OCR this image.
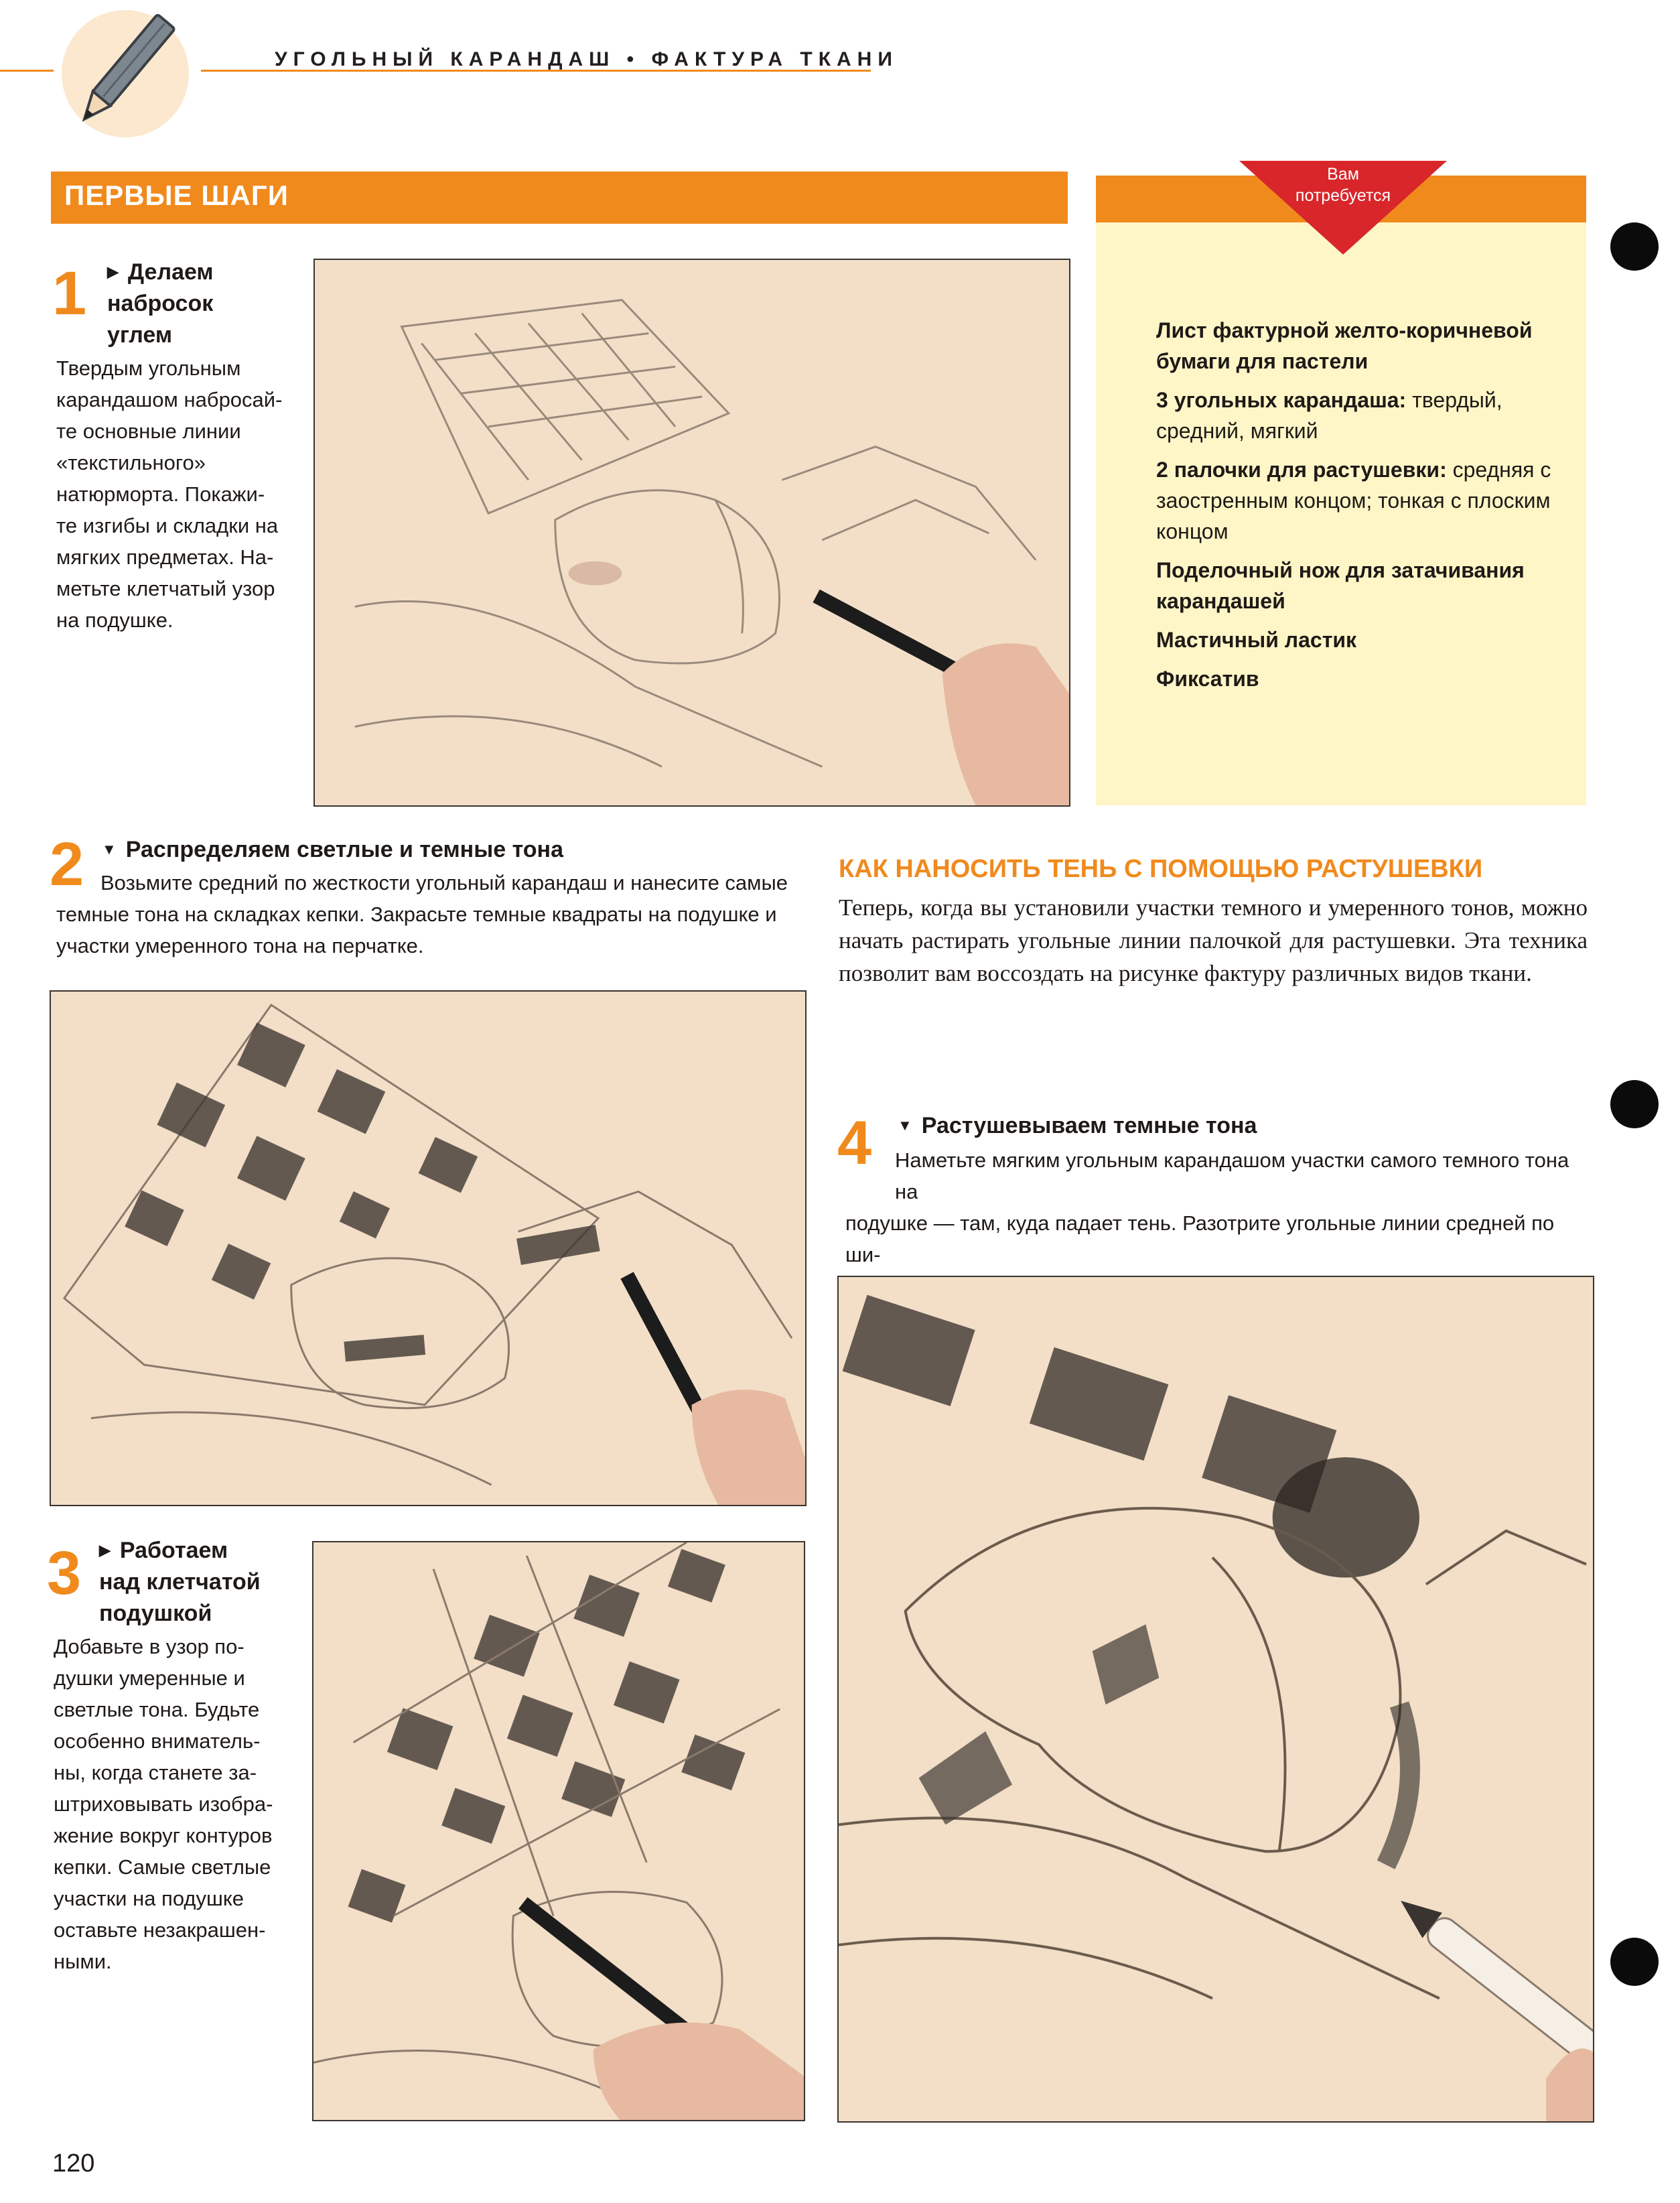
УГОЛЬНЫЙ КАРАНДАШ • ФАКТУРА ТКАНИ
ПЕРВЫЕ ШАГИ
1 ▶ Делаем
набросок
углем
Твердым угольным
карандашом набросай-
те основные линии
«текстильного»
натюрморта. Покажи-
те изгибы и складки на
мягких предметах. На-
метьте клетчатый узор
на подушке.
Вам
потребуется
Лист фактурной желто-коричневой бумаги для пастели
3 угольных карандаша: твердый, средний, мягкий
2 палочки для растушевки: средняя с заостренным концом; тонкая с плоским концом
Поделочный нож для затачивания карандашей
Мастичный ластик
Фиксатив
2 ▼ Распределяем светлые и темные тона
Возьмите средний по жесткости угольный карандаш и нанесите самые
темные тона на складках кепки. Закрасьте темные квадраты на подушке и
участки умеренного тона на перчатке.
КАК НАНОСИТЬ ТЕНЬ С ПОМОЩЬЮ РАСТУШЕВКИ
Теперь, когда вы установили участки темного и умеренного тонов, можно начать растирать угольные линии палочкой для растушевки. Эта техника позволит вам воссоздать на рисунке фактуру различных видов ткани.
4 ▼ Растушевываем темные тона
Наметьте мягким угольным карандашом участки самого темного тона на
подушке — там, куда падает тень. Разотрите угольные линии средней по ши-
3 ▶ Работаем
над клетчатой
подушкой
Добавьте в узор по-
душки умеренные и
светлые тона. Будьте
особенно вниматель-
ны, когда станете за-
штриховывать изобра-
жение вокруг контуров
кепки. Самые светлые
участки на подушке
оставьте незакрашен-
ными.
120
